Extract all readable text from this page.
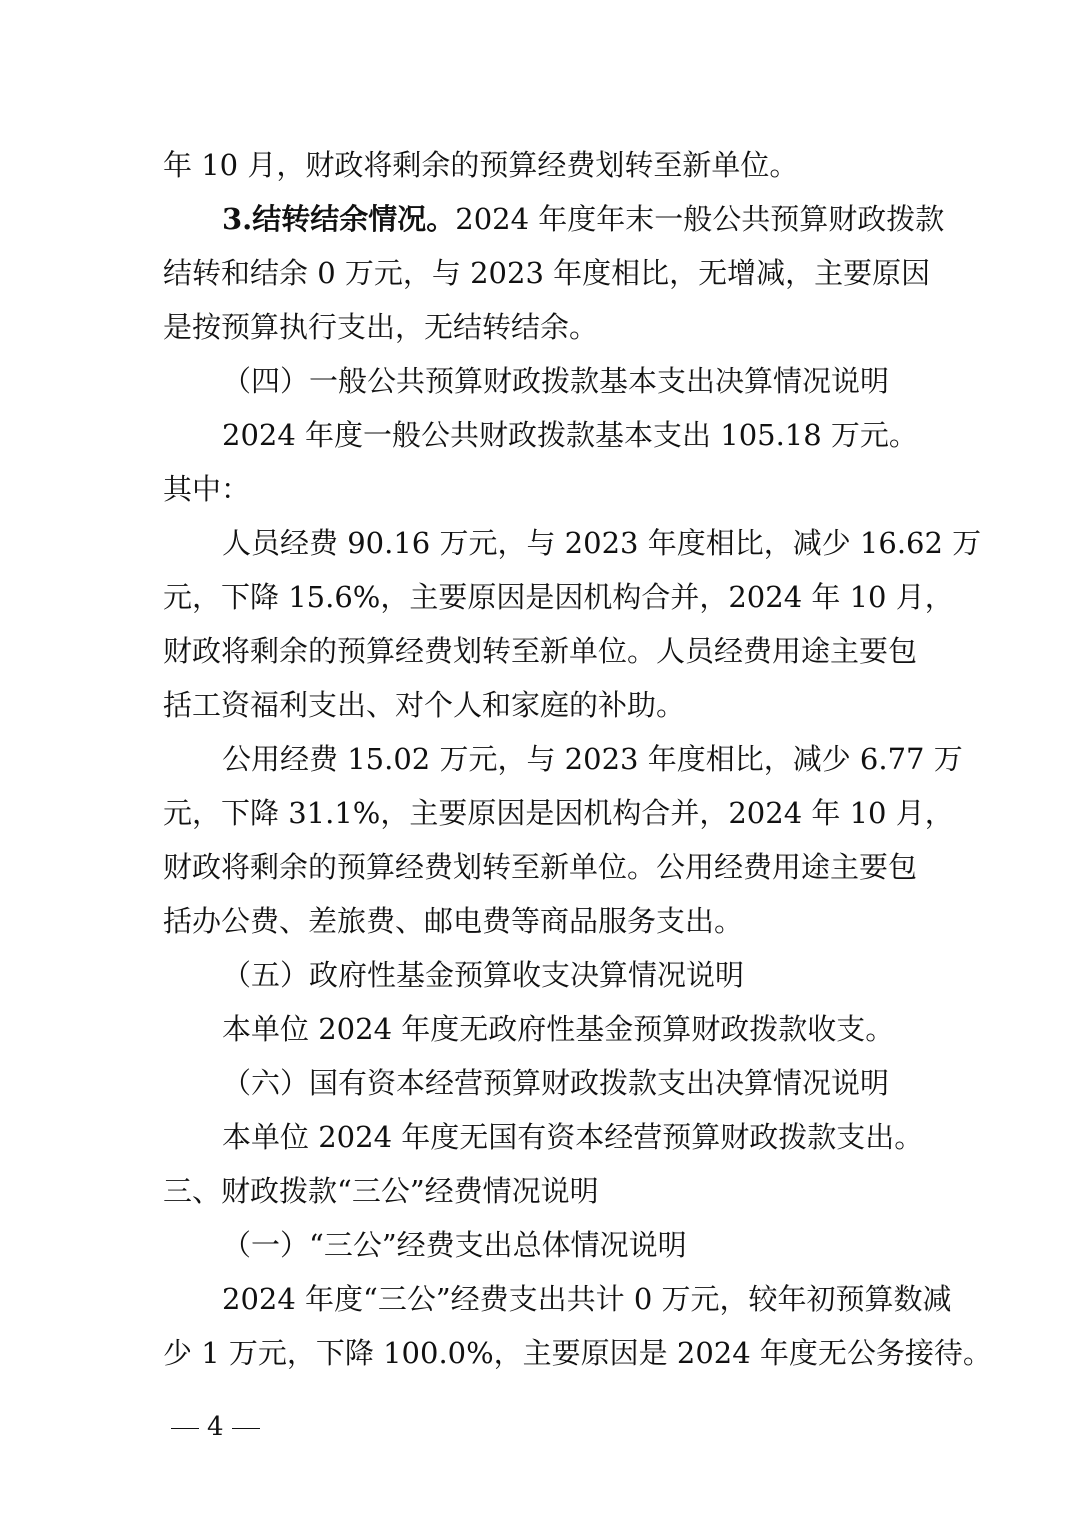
年 10 月，财政将剩余的预算经费划转至新单位。
3.结转结余情况。2024 年度年末一般公共预算财政拨款
结转和结余 0 万元，与 2023 年度相比，无增减，主要原因
是按预算执行支出，无结转结余。
（四）一般公共预算财政拨款基本支出决算情况说明
2024 年度一般公共财政拨款基本支出 105.18 万元。
其中：
人员经费 90.16 万元，与 2023 年度相比，减少 16.62 万
元，下降 15.6%，主要原因是因机构合并，2024 年 10 月，
财政将剩余的预算经费划转至新单位。人员经费用途主要包
括工资福利支出、对个人和家庭的补助。
公用经费 15.02 万元，与 2023 年度相比，减少 6.77 万
元，下降 31.1%，主要原因是因机构合并，2024 年 10 月，
财政将剩余的预算经费划转至新单位。公用经费用途主要包
括办公费、差旅费、邮电费等商品服务支出。
（五）政府性基金预算收支决算情况说明
本单位 2024 年度无政府性基金预算财政拨款收支。
（六）国有资本经营预算财政拨款支出决算情况说明
本单位 2024 年度无国有资本经营预算财政拨款支出。
三、财政拨款“三公”经费情况说明
（一）“三公”经费支出总体情况说明
2024 年度“三公”经费支出共计 0 万元，较年初预算数减
少 1 万元，下降 100.0%，主要原因是 2024 年度无公务接待。
4
